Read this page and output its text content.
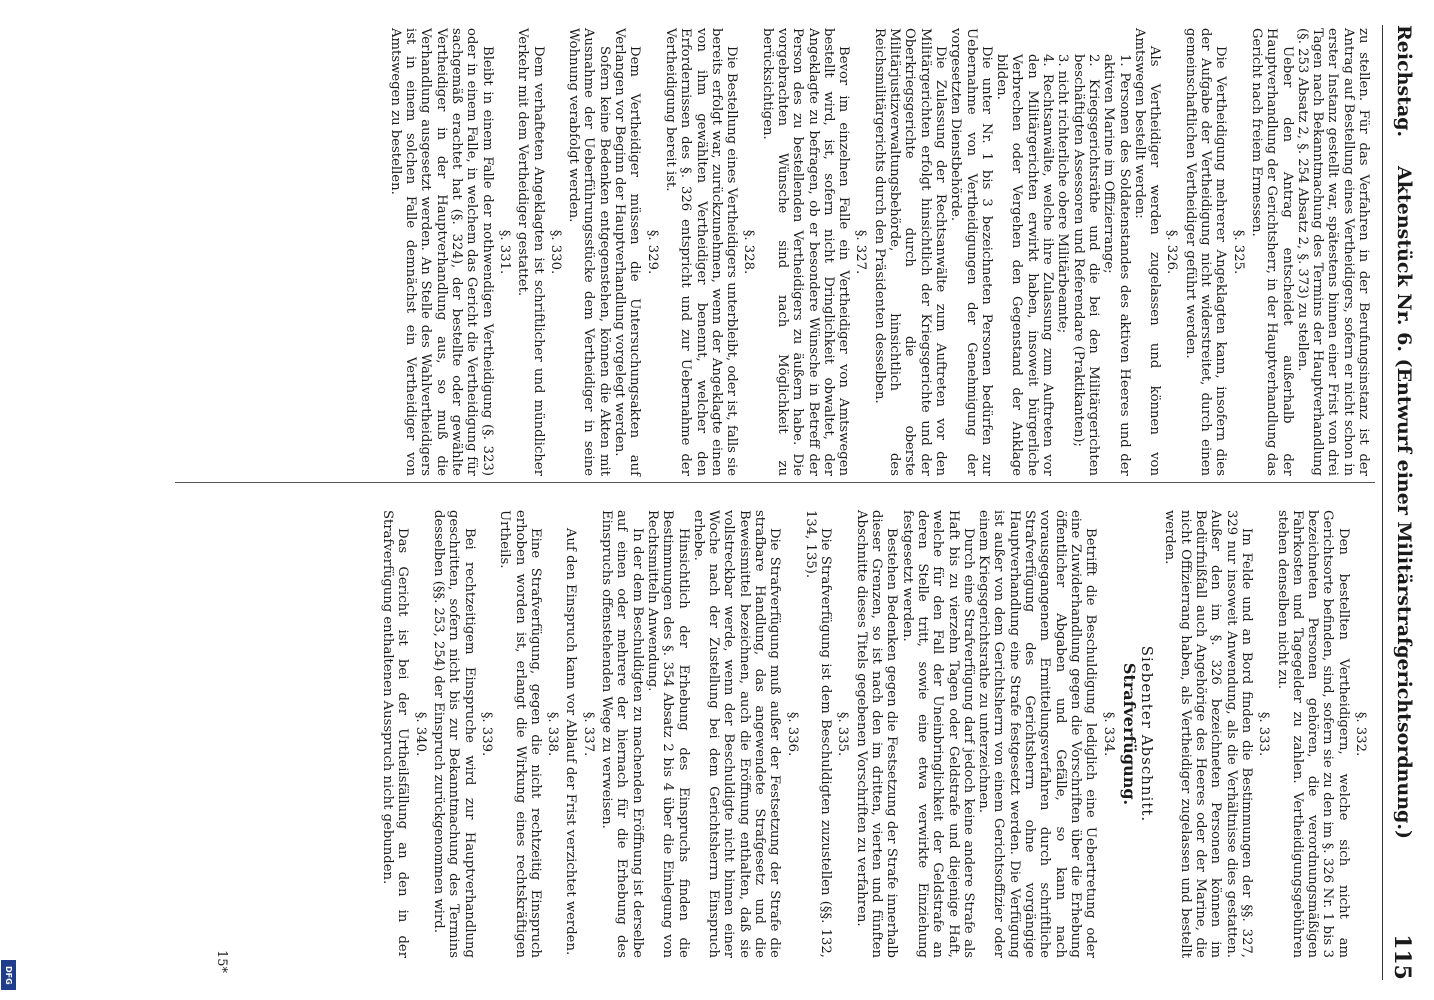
Reichstag.
Aktenstück Nr. 6. (Entwurf einer Militärstrafgerichtsordnung.)
115

zu stellen. Für das Verfahren in der Berufungsinstanz ist der Antrag auf Bestellung eines Vertheidigers, sofern er nicht schon in erster Instanz gestellt war, spätestens binnen einer Frist von drei Tagen nach Bekanntmachung des Termins der Hauptverhandlung (§. 253 Absatz 2, §. 254 Absatz 2, §. 373) zu stellen.

Ueber den Antrag entscheidet außerhalb der Hauptverhandlung der Gerichtsherr, in der Hauptverhandlung das Gericht nach freiem Ermessen.

§. 325.

Die Vertheidigung mehrerer Angeklagten kann, insofern dies der Aufgabe der Vertheidigung nicht widerstreitet, durch einen gemeinschaftlichen Vertheidiger geführt werden.

§. 326.

Als Vertheidiger werden zugelassen und können von Amtswegen bestellt werden:

1. Personen des Soldatenstandes des aktiven Heeres und der aktiven Marine im Offizierrange;

2. Kriegsgerichtsräthe und die bei den Militärgerichten beschäftigten Assessoren und Referendare (Praktikanten);

3. nicht richterliche obere Militärbeamte;

4. Rechtsanwälte, welche ihre Zulassung zum Auftreten vor den Militärgerichten erwirkt haben, insoweit bürgerliche Verbrechen oder Vergehen den Gegenstand der Anklage bilden.

Die unter Nr. 1 bis 3 bezeichneten Personen bedürfen zur Uebernahme von Vertheidigungen der Genehmigung der vorgesetzten Dienstbehörde.

Die Zulassung der Rechtsanwälte zum Auftreten vor den Militärgerichten erfolgt hinsichtlich der Kriegsgerichte und der Oberkriegsgerichte durch die oberste Militärjustizverwaltungsbehörde, hinsichtlich des Reichsmilitärgerichts durch den Präsidenten desselben.

§. 327.

Bevor im einzelnen Falle ein Vertheidiger von Amtswegen bestellt wird, ist, sofern nicht Dringlichkeit obwaltet, der Angeklagte zu befragen, ob er besondere Wünsche in Betreff der Person des zu bestellenden Vertheidigers zu äußern habe. Die vorgebrachten Wünsche sind nach Möglichkeit zu berücksichtigen.

§. 328.

Die Bestellung eines Vertheidigers unterbleibt, oder ist, falls sie bereits erfolgt war, zurückzunehmen, wenn der Angeklagte einen von ihm gewählten Vertheidiger benennt, welcher den Erfordernissen des §. 326 entspricht und zur Uebernahme der Vertheidigung bereit ist.

§. 329.

Dem Vertheidiger müssen die Untersuchungsakten auf Verlangen vor Beginn der Hauptverhandlung vorgelegt werden.

Sofern keine Bedenken entgegenstehen, können die Akten mit Ausnahme der Ueberführungsstücke dem Vertheidiger in seine Wohnung verabfolgt werden.

§. 330.

Dem verhafteten Angeklagten ist schriftlicher und mündlicher Verkehr mit dem Vertheidiger gestattet.

§. 331.

Bleibt in einem Falle der nothwendigen Vertheidigung (§. 323) oder in einem Falle, in welchem das Gericht die Vertheidigung für sachgemäß erachtet hat (§. 324), der bestellte oder gewählte Vertheidiger in der Hauptverhandlung aus, so muß die Verhandlung ausgesetzt werden. An Stelle des Wahlvertheidigers ist in einem solchen Falle demnächst ein Vertheidiger von Amtswegen zu bestellen.

§. 332.

Den bestellten Vertheidigern, welche sich nicht am Gerichtsorte befinden, sind, sofern sie zu den im §. 326 Nr. 1 bis 3 bezeichneten Personen gehören, die verordnungsmäßigen Fahrkosten und Tagegelder zu zahlen. Vertheidigungsgebühren stehen denselben nicht zu.

§. 333.

Im Felde und an Bord finden die Bestimmungen der §§. 327, 329 nur insoweit Anwendung, als die Verhältnisse dies gestatten. Außer den im §. 326 bezeichneten Personen können im Bedürfnißfall auch Angehörige des Heeres oder der Marine, die nicht Offizierrang haben, als Vertheidiger zugelassen und bestellt werden.

Siebenter Abschnitt.
Strafverfügung.

§. 334.

Betrifft die Beschuldigung lediglich eine Uebertretung oder eine Zuwiderhandlung gegen die Vorschriften über die Erhebung öffentlicher Abgaben und Gefälle, so kann nach vorausgegangenem Ermittelungsverfahren durch schriftliche Strafverfügung des Gerichtsherrn ohne vorgängige Hauptverhandlung eine Strafe festgesetzt werden. Die Verfügung ist außer von dem Gerichtsherrn von einem Gerichtsoffizier oder einem Kriegsgerichtsrathe zu unterzeichnen.

Durch eine Strafverfügung darf jedoch keine andere Strafe als Haft bis zu vierzehn Tagen oder Geldstrafe und diejenige Haft, welche für den Fall der Uneinbringlichkeit der Geldstrafe an deren Stelle tritt, sowie eine etwa verwirkte Einziehung festgesetzt werden.

Bestehen Bedenken gegen die Festsetzung der Strafe innerhalb dieser Grenzen, so ist nach den im dritten, vierten und fünften Abschnitte dieses Titels gegebenen Vorschriften zu verfahren.

§. 335.

Die Strafverfügung ist dem Beschuldigten zuzustellen (§§. 132, 134, 135).

§. 336.

Die Strafverfügung muß außer der Festsetzung der Strafe die strafbare Handlung, das angewendete Strafgesetz und die Beweismittel bezeichnen, auch die Eröffnung enthalten, daß sie vollstreckbar werde, wenn der Beschuldigte nicht binnen einer Woche nach der Zustellung bei dem Gerichtsherrn Einspruch erhebe.

Hinsichtlich der Erhebung des Einspruchs finden die Bestimmungen des §. 354 Absatz 2 bis 4 über die Einlegung von Rechtsmitteln Anwendung.

In der dem Beschuldigten zu machenden Eröffnung ist derselbe auf einen oder mehrere der hiernach für die Erhebung des Einspruchs offenstehenden Wege zu verweisen.

§. 337.

Auf den Einspruch kann vor Ablauf der Frist verzichtet werden.

§. 338.

Eine Strafverfügung, gegen die nicht rechtzeitig Einspruch erhoben worden ist, erlangt die Wirkung eines rechtskräftigen Urtheils.

§. 339.

Bei rechtzeitigem Einspruche wird zur Hauptverhandlung geschritten, sofern nicht bis zur Bekanntmachung des Termins desselben (§§. 253, 254) der Einspruch zurückgenommen wird.

§. 340.

Das Gericht ist bei der Urtheilsfällung an den in der Strafverfügung enthaltenen Ausspruch nicht gebunden.

15*
DFG
